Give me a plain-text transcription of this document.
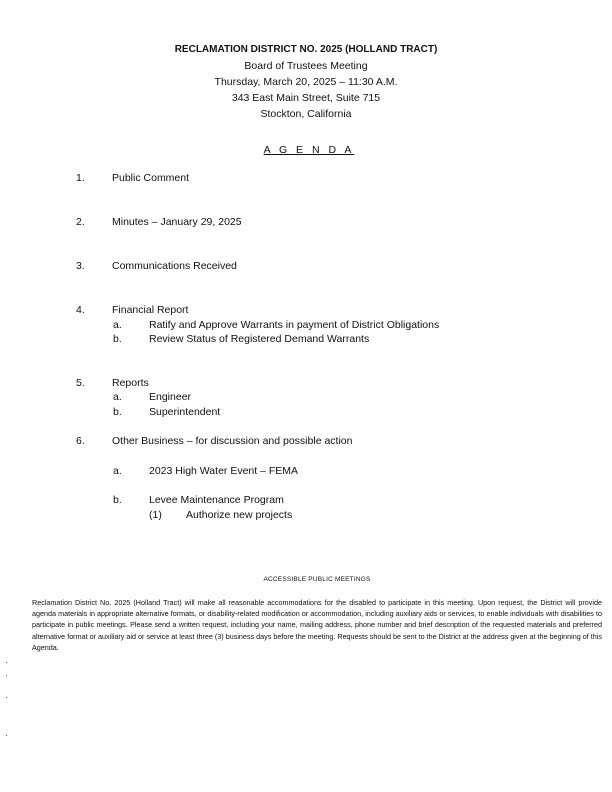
RECLAMATION DISTRICT NO. 2025 (HOLLAND TRACT)
Board of Trustees Meeting
Thursday, March 20, 2025 – 11:30 A.M.
343 East Main Street, Suite 715
Stockton, California
A G E N D A
1.	Public Comment
2.	Minutes – January 29, 2025
3.	Communications Received
4.	Financial Report
a.	Ratify and Approve Warrants in payment of District Obligations
b.	Review Status of Registered Demand Warrants
5.	Reports
a.	Engineer
b.	Superintendent
6.	Other Business – for discussion and possible action
a.	2023 High Water Event – FEMA
b.	Levee Maintenance Program
(1) Authorize new projects
ACCESSIBLE PUBLIC MEETINGS
Reclamation District No. 2025 (Holland Tract) will make all reasonable accommodations for the disabled to participate in this meeting. Upon request, the District will provide agenda materials in appropriate alternative formats, or disability-related modification or accommodation, including auxiliary aids or services, to enable individuals with disabilities to participate in public meetings. Please send a written request, including your name, mailing address, phone number and brief description of the requested materials and preferred alternative format or auxiliary aid or service at least three (3) business days before the meeting. Requests should be sent to the District at the address given at the beginning of this Agenda.
